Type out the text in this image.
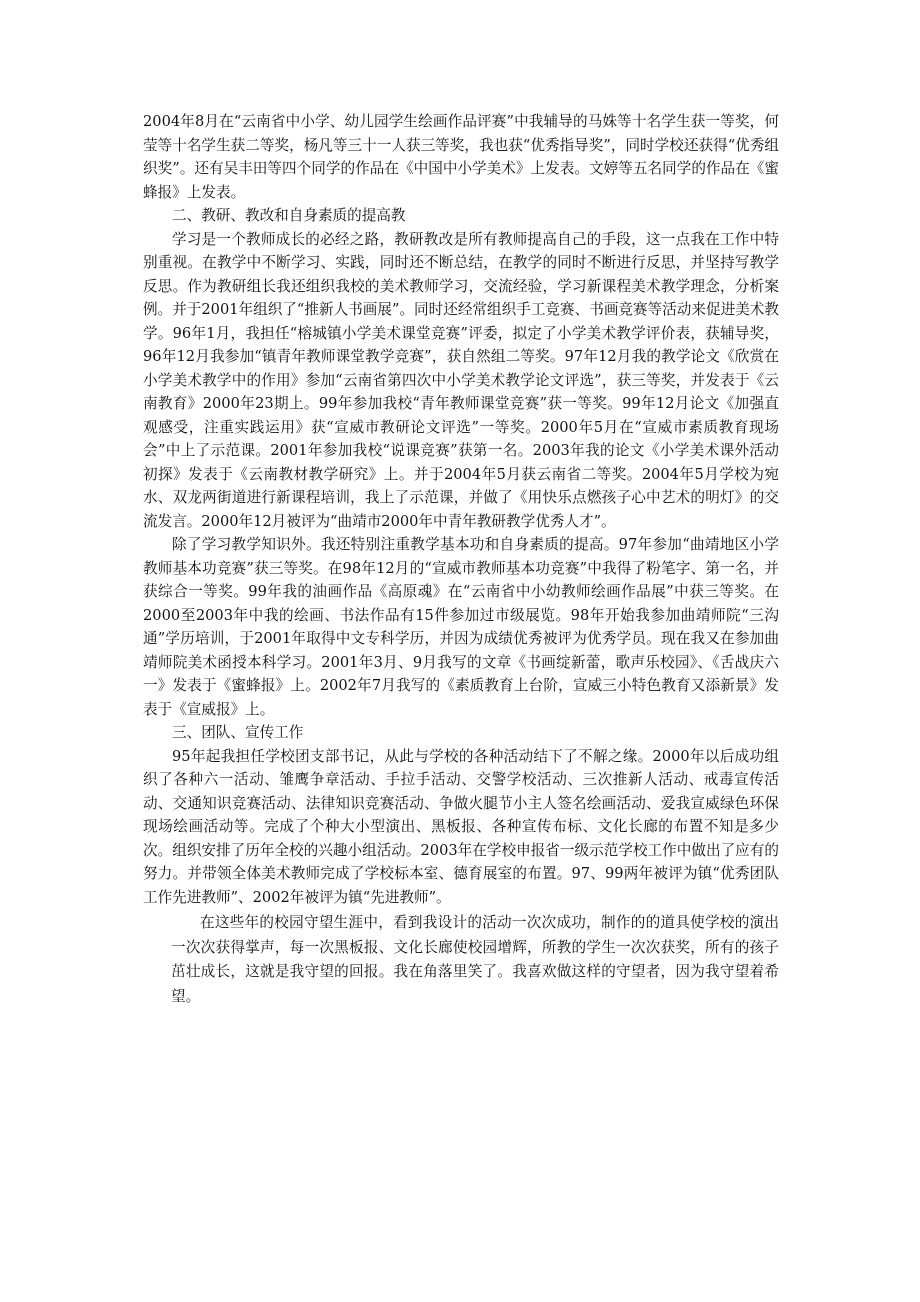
2004年8月在“云南省中小学、幼儿园学生绘画作品评赛”中我辅导的马姝等十名学生获一等奖，何莹等十名学生获二等奖，杨凡等三十一人获三等奖，我也获“优秀指导奖”，同时学校还获得“优秀组织奖”。还有吴丰田等四个同学的作品在《中国中小学美术》上发表。文婷等五名同学的作品在《蜜蜂报》上发表。

二、教研、教改和自身素质的提高教

学习是一个教师成长的必经之路，教研教改是所有教师提高自己的手段，这一点我在工作中特别重视。在教学中不断学习、实践，同时还不断总结，在教学的同时不断进行反思，并坚持写教学反思。作为教研组长我还组织我校的美术教师学习，交流经验，学习新课程美术教学理念，分析案例。并于2001年组织了“推新人书画展”。同时还经常组织手工竞赛、书画竞赛等活动来促进美术教学。96年1月，我担任“榕城镇小学美术课堂竞赛”评委，拟定了小学美术教学评价表，获辅导奖，96年12月我参加“镇青年教师课堂教学竞赛”，获自然组二等奖。97年12月我的教学论文《欣赏在小学美术教学中的作用》参加“云南省第四次中小学美术教学论文评选”，获三等奖，并发表于《云南教育》2000年23期上。99年参加我校“青年教师课堂竞赛”获一等奖。99年12月论文《加强直观感受，注重实践运用》获“宣威市教研论文评选”一等奖。2000年5月在“宣威市素质教育现场会”中上了示范课。2001年参加我校“说课竞赛”获第一名。2003年我的论文《小学美术课外活动初探》发表于《云南教材教学研究》上。并于2004年5月获云南省二等奖。2004年5月学校为宛水、双龙两街道进行新课程培训，我上了示范课，并做了《用快乐点燃孩子心中艺术的明灯》的交流发言。2000年12月被评为“曲靖市2000年中青年教研教学优秀人才”。

除了学习教学知识外。我还特别注重教学基本功和自身素质的提高。97年参加“曲靖地区小学教师基本功竞赛”获三等奖。在98年12月的“宣威市教师基本功竞赛”中我得了粉笔字、第一名，并获综合一等奖。99年我的油画作品《高原魂》在“云南省中小幼教师绘画作品展”中获三等奖。在2000至2003年中我的绘画、书法作品有15件参加过市级展览。98年开始我参加曲靖师院“三沟通”学历培训，于2001年取得中文专科学历，并因为成绩优秀被评为优秀学员。现在我又在参加曲靖师院美术函授本科学习。2001年3月、9月我写的文章《书画绽新蕾，歌声乐校园》、《舌战庆六一》发表于《蜜蜂报》上。2002年7月我写的《素质教育上台阶，宣威三小特色教育又添新景》发表于《宣威报》上。

三、团队、宣传工作

95年起我担任学校团支部书记，从此与学校的各种活动结下了不解之缘。2000年以后成功组织了各种六一活动、雏鹰争章活动、手拉手活动、交警学校活动、三次推新人活动、戒毒宣传活动、交通知识竞赛活动、法律知识竞赛活动、争做火腿节小主人签名绘画活动、爱我宣威绿色环保现场绘画活动等。完成了个种大小型演出、黑板报、各种宣传布标、文化长廊的布置不知是多少次。组织安排了历年全校的兴趣小组活动。2003年在学校申报省一级示范学校工作中做出了应有的努力。并带领全体美术教师完成了学校标本室、德育展室的布置。97、99两年被评为镇“优秀团队工作先进教师”、2002年被评为镇“先进教师”。

在这些年的校园守望生涯中，看到我设计的活动一次次成功，制作的的道具使学校的演出一次次获得掌声，每一次黑板报、文化长廊使校园增辉，所教的学生一次次获奖，所有的孩子茁壮成长，这就是我守望的回报。我在角落里笑了。我喜欢做这样的守望者，因为我守望着希望。
